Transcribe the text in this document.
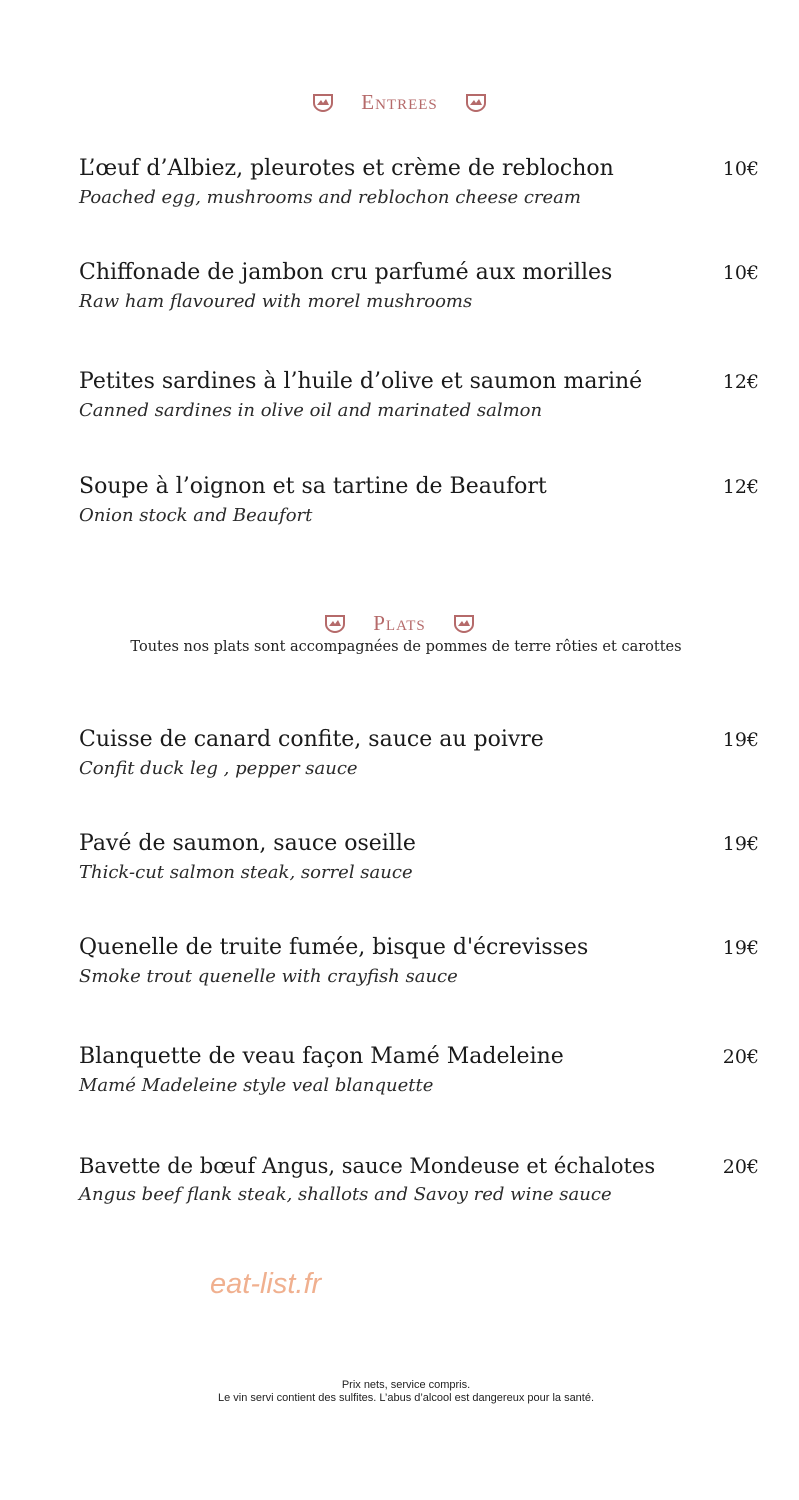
Entrees
L’œuf d’Albiez, pleurotes et crème de reblochon	10€
Poached egg, mushrooms and reblochon cheese cream
Chiffonade de jambon cru parfumé aux morilles	10€
Raw ham flavoured with morel mushrooms
Petites sardines à l’huile d’olive et saumon mariné	12€
Canned sardines in olive oil and marinated salmon
Soupe à l’oignon et sa tartine de Beaufort	12€
Onion stock and Beaufort
Plats
Toutes nos plats sont accompagnées de pommes de terre rôties et carottes
Cuisse de canard confite, sauce au poivre	19€
Confit duck leg , pepper sauce
Pavé de saumon, sauce oseille	19€
Thick-cut salmon steak, sorrel sauce
Quenelle de truite fumée, bisque d'écrevisses	19€
Smoke trout quenelle with crayfish sauce
Blanquette de veau façon Mamé Madeleine	20€
Mamé Madeleine style veal blanquette
Bavette de bœuf Angus, sauce Mondeuse et échalotes	20€
Angus beef flank steak, shallots and Savoy red wine sauce
eat-list.fr
Prix nets, service compris.
Le vin servi contient des sulfites. L’abus d’alcool est dangereux pour la santé.
